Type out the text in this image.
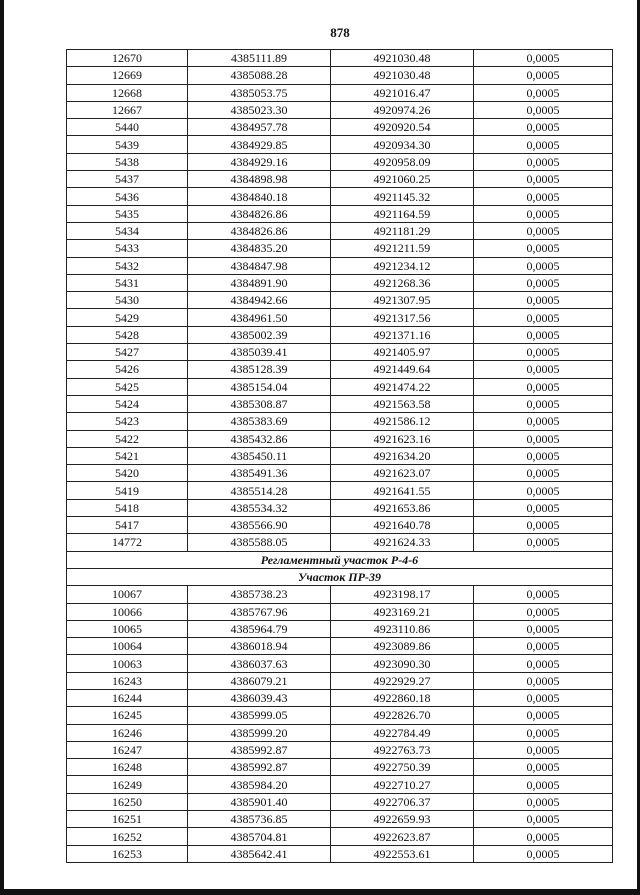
878
12670	4385111.89	4921030.48	0,0005
12669	4385088.28	4921030.48	0,0005
12668	4385053.75	4921016.47	0,0005
12667	4385023.30	4920974.26	0,0005
5440	4384957.78	4920920.54	0,0005
5439	4384929.85	4920934.30	0,0005
5438	4384929.16	4920958.09	0,0005
5437	4384898.98	4921060.25	0,0005
5436	4384840.18	4921145.32	0,0005
5435	4384826.86	4921164.59	0,0005
5434	4384826.86	4921181.29	0,0005
5433	4384835.20	4921211.59	0,0005
5432	4384847.98	4921234.12	0,0005
5431	4384891.90	4921268.36	0,0005
5430	4384942.66	4921307.95	0,0005
5429	4384961.50	4921317.56	0,0005
5428	4385002.39	4921371.16	0,0005
5427	4385039.41	4921405.97	0,0005
5426	4385128.39	4921449.64	0,0005
5425	4385154.04	4921474.22	0,0005
5424	4385308.87	4921563.58	0,0005
5423	4385383.69	4921586.12	0,0005
5422	4385432.86	4921623.16	0,0005
5421	4385450.11	4921634.20	0,0005
5420	4385491.36	4921623.07	0,0005
5419	4385514.28	4921641.55	0,0005
5418	4385534.32	4921653.86	0,0005
5417	4385566.90	4921640.78	0,0005
14772	4385588.05	4921624.33	0,0005
Регламентный участок Р-4-6			
Участок ПР-39			
10067	4385738.23	4923198.17	0,0005
10066	4385767.96	4923169.21	0,0005
10065	4385964.79	4923110.86	0,0005
10064	4386018.94	4923089.86	0,0005
10063	4386037.63	4923090.30	0,0005
16243	4386079.21	4922929.27	0,0005
16244	4386039.43	4922860.18	0,0005
16245	4385999.05	4922826.70	0,0005
16246	4385999.20	4922784.49	0,0005
16247	4385992.87	4922763.73	0,0005
16248	4385992.87	4922750.39	0,0005
16249	4385984.20	4922710.27	0,0005
16250	4385901.40	4922706.37	0,0005
16251	4385736.85	4922659.93	0,0005
16252	4385704.81	4922623.87	0,0005
16253	4385642.41	4922553.61	0,0005
